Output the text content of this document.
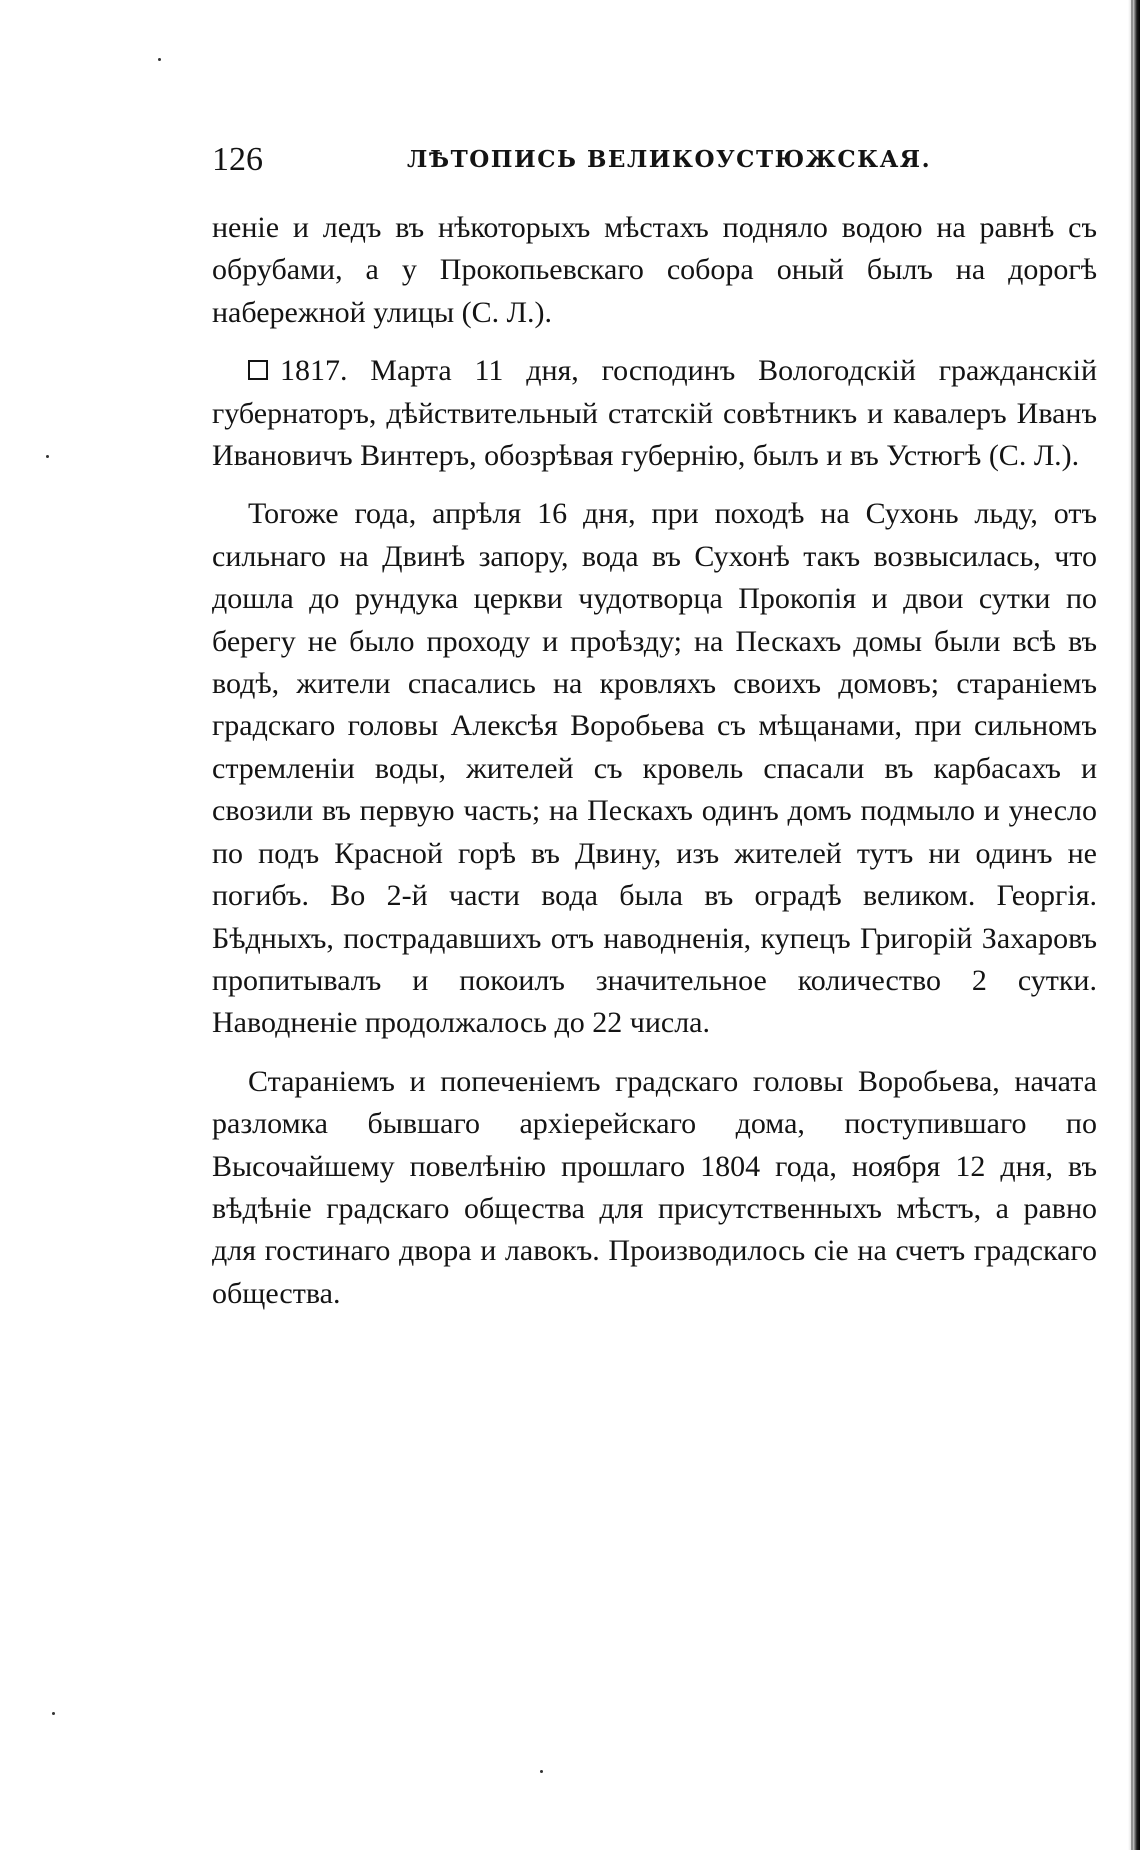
126	ЛѢТОПИСЬ ВЕЛИКОУСТЮЖСКАЯ.

неніе и ледъ въ нѣкоторыхъ мѣстахъ подняло водою на равнѣ съ обрубами, а у Прокопьевскаго собора оный былъ на дорогѣ набережной улицы (С. Л.).

1817. Марта 11 дня, господинъ Вологодскій гражданскій губернаторъ, дѣйствительный статскій совѣтникъ и кавалеръ Иванъ Ивановичъ Винтеръ, обозрѣвая губернію, былъ и въ Устюгѣ (С. Л.).

Тогоже года, апрѣля 16 дня, при походѣ на Сухонь льду, отъ сильнаго на Двинѣ запору, вода въ Сухонѣ такъ возвысилась, что дошла до рундука церкви чудотворца Прокопія и двои сутки по берегу не было проходу и проѣзду; на Пескахъ домы были всѣ въ водѣ, жители спасались на кровляхъ своихъ домовъ; стараніемъ градскаго головы Алексѣя Воробьева съ мѣщанами, при сильномъ стремленіи воды, жителей съ кровель спасали въ карбасахъ и свозили въ первую часть; на Пескахъ одинъ домъ подмыло и унесло по подъ Красной горѣ въ Двину, изъ жителей тутъ ни одинъ не погибъ. Во 2-й части вода была въ оградѣ великом. Георгія. Бѣдныхъ, пострадавшихъ отъ наводненія, купецъ Григорій Захаровъ пропитывалъ и покоилъ значительное количество 2 сутки. Наводненіе продолжалось до 22 числа.

Стараніемъ и попеченіемъ градскаго головы Воробьева, начата разломка бывшаго архіерейскаго дома, поступившаго по Высочайшему повелѣнію прошлаго 1804 года, ноября 12 дня, въ вѣдѣніе градскаго общества для присутственныхъ мѣстъ, а равно для гостинаго двора и лавокъ. Производилось сіе на счетъ градскаго общества.
